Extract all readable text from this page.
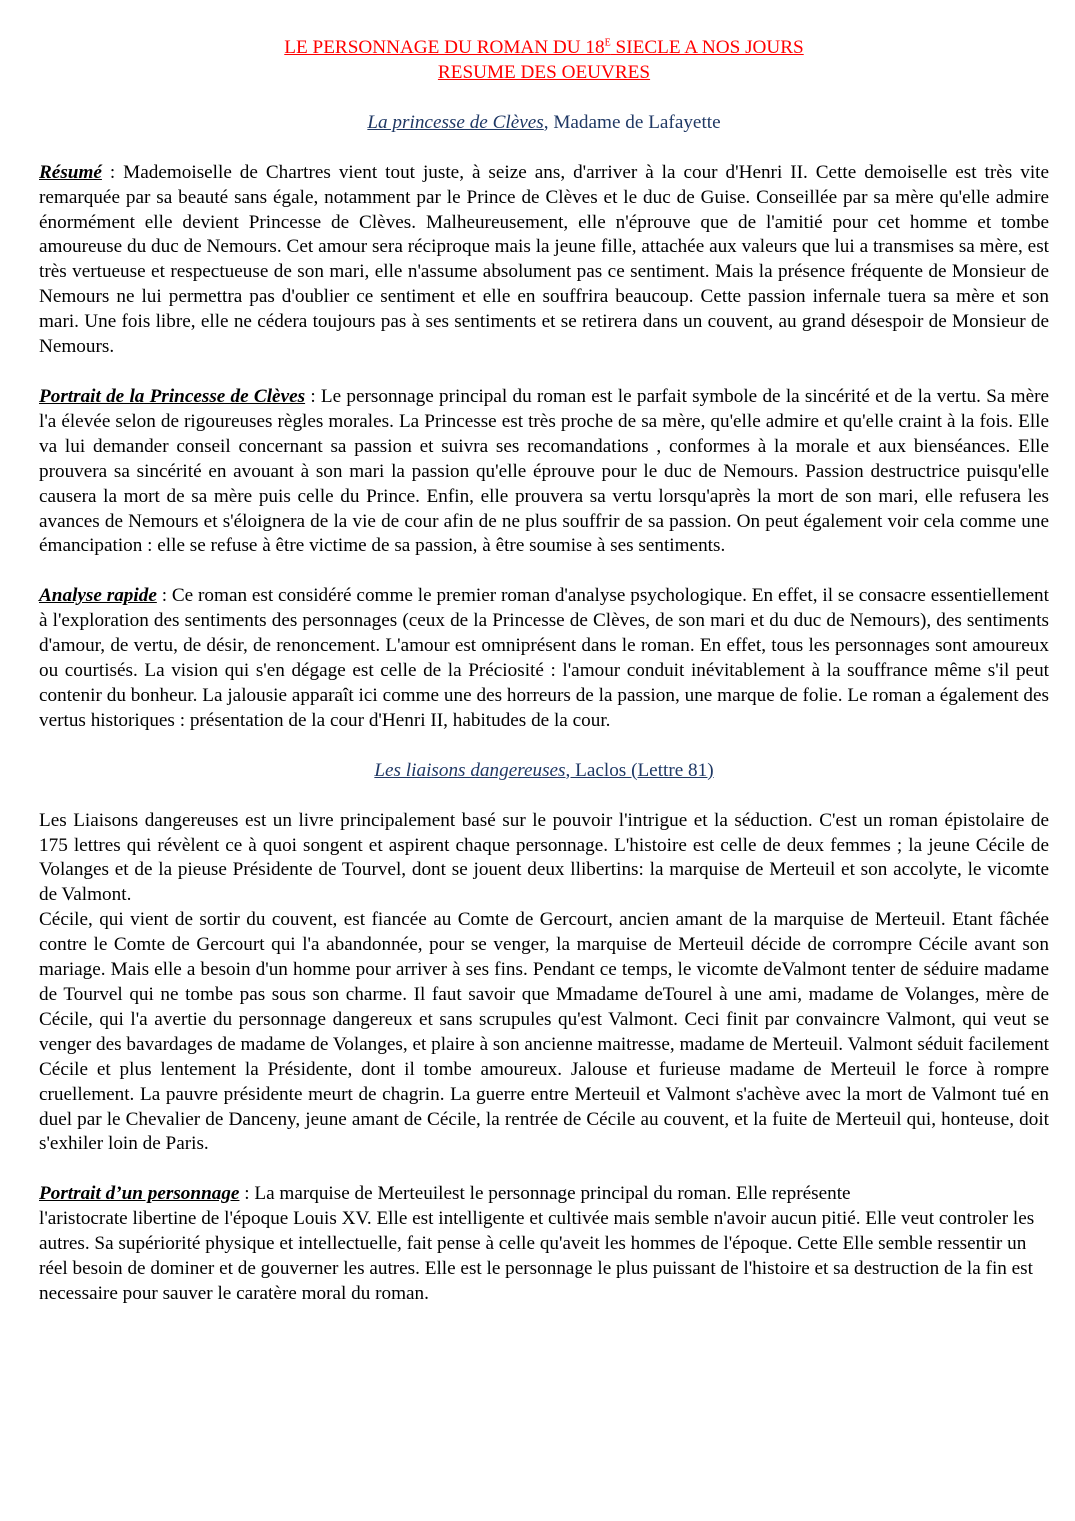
LE PERSONNAGE DU ROMAN DU $18^E$ SIECLE A NOS JOURS
RESUME DES OEUVRES
La princesse de Clèves, Madame de Lafayette

Résumé : Mademoiselle de Chartres vient tout juste, à seize ans, d'arriver à la cour d'Henri II. Cette demoiselle est très vite remarquée par sa beauté sans égale, notamment par le Prince de Clèves et le duc de Guise. Conseillée par sa mère qu'elle admire énormément elle devient Princesse de Clèves. Malheureusement, elle n'éprouve que de l'amitié pour cet homme et tombe amoureuse du duc de Nemours. Cet amour sera réciproque mais la jeune fille, attachée aux valeurs que lui a transmises sa mère, est très vertueuse et respectueuse de son mari, elle n'assume absolument pas ce sentiment. Mais la présence fréquente de Monsieur de Nemours ne lui permettra pas d'oublier ce sentiment et elle en souffrira beaucoup. Cette passion infernale tuera sa mère et son mari. Une fois libre, elle ne cédera toujours pas à ses sentiments et se retirera dans un couvent, au grand désespoir de Monsieur de Nemours.

Portrait de la Princesse de Clèves : Le personnage principal du roman est le parfait symbole de la sincérité et de la vertu. Sa mère l'a élevée selon de rigoureuses règles morales. La Princesse est très proche de sa mère, qu'elle admire et qu'elle craint à la fois. Elle va lui demander conseil concernant sa passion et suivra ses recomandations , conformes à la morale et aux bienséances. Elle prouvera sa sincérité en avouant à son mari la passion qu'elle éprouve pour le duc de Nemours. Passion destructrice puisqu'elle causera la mort de sa mère puis celle du Prince. Enfin, elle prouvera sa vertu lorsqu'après la mort de son mari, elle refusera les avances de Nemours et s'éloignera de la vie de cour afin de ne plus souffrir de sa passion. On peut également voir cela comme une émancipation : elle se refuse à être victime de sa passion, à être soumise à ses sentiments.

Analyse rapide : Ce roman est considéré comme le premier roman d'analyse psychologique. En effet, il se consacre essentiellement à l'exploration des sentiments des personnages (ceux de la Princesse de Clèves, de son mari et du duc de Nemours), des sentiments d'amour, de vertu, de désir, de renoncement. L'amour est omniprésent dans le roman. En effet, tous les personnages sont amoureux ou courtisés. La vision qui s'en dégage est celle de la Préciosité : l'amour conduit inévitablement à la souffrance même s'il peut contenir du bonheur. La jalousie apparaît ici comme une des horreurs de la passion, une marque de folie. Le roman a également des vertus historiques : présentation de la cour d'Henri II, habitudes de la cour.

Les liaisons dangereuses, Laclos (Lettre 81)

Les Liaisons dangereuses est un livre principalement basé sur le pouvoir l'intrigue et la séduction. C'est un roman épistolaire de 175 lettres qui révèlent ce à quoi songent et aspirent chaque personnage. L'histoire est celle de deux femmes ; la jeune Cécile de Volanges et de la pieuse Présidente de Tourvel, dont se jouent deux llibertins: la marquise de Merteuil et son accolyte, le vicomte de Valmont.

Cécile, qui vient de sortir du couvent, est fiancée au Comte de Gercourt, ancien amant de la marquise de Merteuil. Etant fâchée contre le Comte de Gercourt qui l'a abandonnée, pour se venger, la marquise de Merteuil décide de corrompre Cécile avant son mariage. Mais elle a besoin d'un homme pour arriver à ses fins. Pendant ce temps, le vicomte deValmont tenter de séduire madame de Tourvel qui ne tombe pas sous son charme. Il faut savoir que Mmadame deTourel à une ami, madame de Volanges, mère de Cécile, qui l'a avertie du personnage dangereux et sans scrupules qu'est Valmont. Ceci finit par convaincre Valmont, qui veut se venger des bavardages de madame de Volanges, et plaire à son ancienne maitresse, madame de Merteuil. Valmont séduit facilement Cécile et plus lentement la Présidente, dont il tombe amoureux. Jalouse et furieuse madame de Merteuil le force à rompre cruellement. La pauvre présidente meurt de chagrin. La guerre entre Merteuil et Valmont s'achève avec la mort de Valmont tué en duel par le Chevalier de Danceny, jeune amant de Cécile, la rentrée de Cécile au couvent, et la fuite de Merteuil qui, honteuse, doit s'exhiler loin de Paris.

Portrait d’un personnage : La marquise de Merteuilest le personnage principal du roman. Elle représente
l'aristocrate libertine de l'époque Louis XV. Elle est intelligente et cultivée mais semble n'avoir aucun pitié. Elle veut controler les
autres. Sa supériorité physique et intellectuelle, fait pense à celle qu'aveit les hommes de l'époque. Cette Elle semble ressentir un réel besoin de dominer et de gouverner les autres. Elle est le personnage le plus puissant de l'histoire et sa destruction de la fin est necessaire pour sauver le caratère moral du roman.
